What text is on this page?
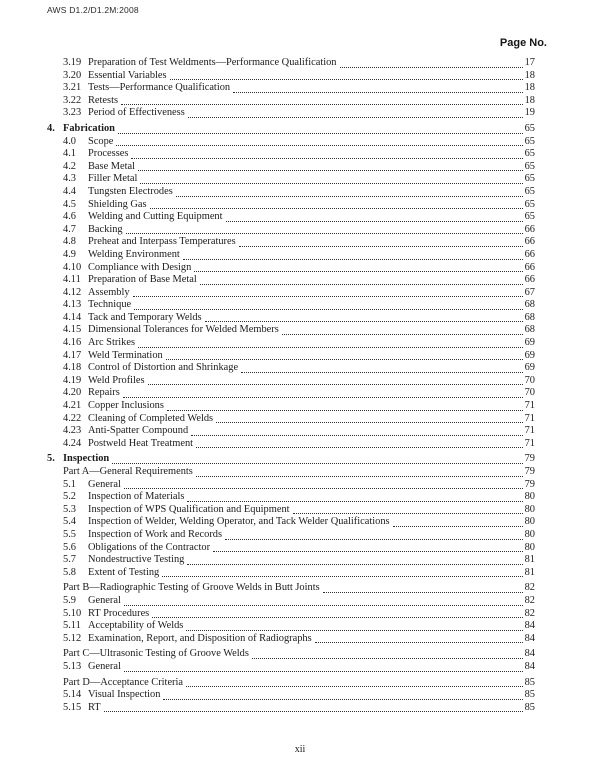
AWS D1.2/D1.2M:2008
Page No.
3.19 Preparation of Test Weldments—Performance Qualification	17
3.20 Essential Variables	18
3.21 Tests—Performance Qualification	18
3.22 Retests	18
3.23 Period of Effectiveness	19
4. Fabrication	65
4.0	Scope	65
4.1	Processes	65
4.2	Base Metal	65
4.3	Filler Metal	65
4.4	Tungsten Electrodes	65
4.5	Shielding Gas	65
4.6	Welding and Cutting Equipment	65
4.7	Backing	66
4.8	Preheat and Interpass Temperatures	66
4.9	Welding Environment	66
4.10 Compliance with Design	66
4.11 Preparation of Base Metal	66
4.12 Assembly	67
4.13 Technique	68
4.14 Tack and Temporary Welds	68
4.15 Dimensional Tolerances for Welded Members	68
4.16 Arc Strikes	69
4.17 Weld Termination	69
4.18 Control of Distortion and Shrinkage	69
4.19 Weld Profiles	70
4.20 Repairs	70
4.21 Copper Inclusions	71
4.22 Cleaning of Completed Welds	71
4.23 Anti-Spatter Compound	71
4.24 Postweld Heat Treatment	71
5. Inspection	79
Part A—General Requirements	79
5.1	General	79
5.2	Inspection of Materials	80
5.3	Inspection of WPS Qualification and Equipment	80
5.4	Inspection of Welder, Welding Operator, and Tack Welder Qualifications	80
5.5	Inspection of Work and Records	80
5.6	Obligations of the Contractor	80
5.7	Nondestructive Testing	81
5.8	Extent of Testing	81
Part B—Radiographic Testing of Groove Welds in Butt Joints	82
5.9	General	82
5.10 RT Procedures	82
5.11 Acceptability of Welds	84
5.12 Examination, Report, and Disposition of Radiographs	84
Part C—Ultrasonic Testing of Groove Welds	84
5.13 General	84
Part D—Acceptance Criteria	85
5.14 Visual Inspection	85
5.15 RT	85
xii
